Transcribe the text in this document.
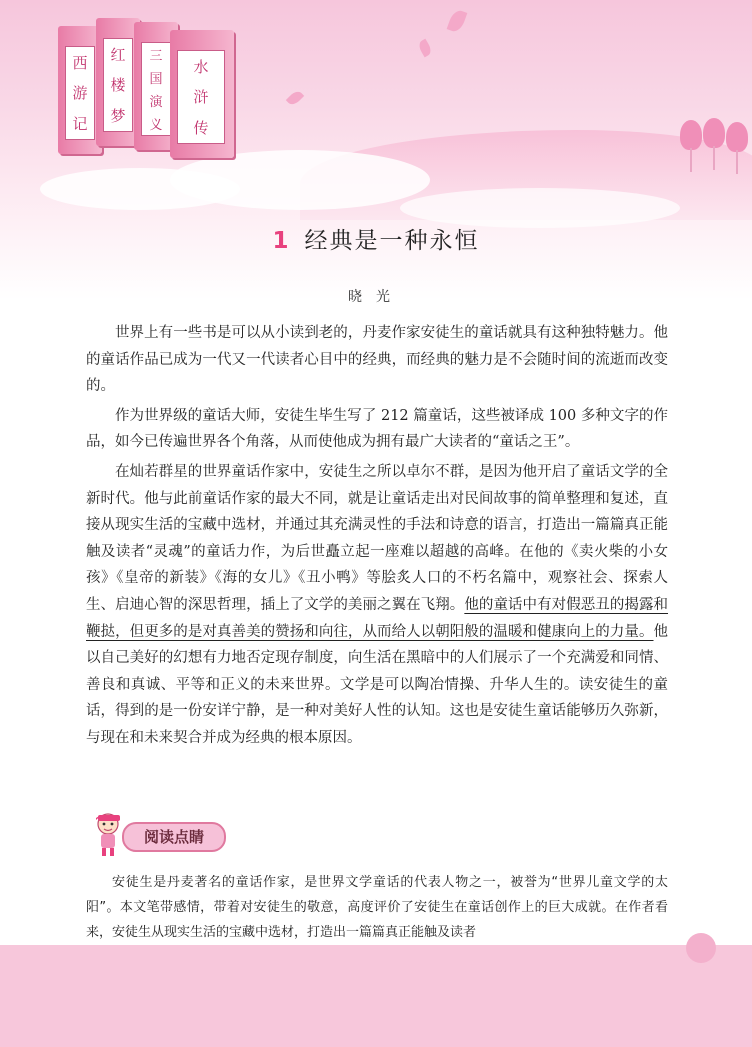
西
游
记
红
楼
梦
三
国
演
义
水
浒
传
1 经典是一种永恒
晓光

世界上有一些书是可以从小读到老的，丹麦作家安徒生的童话就具有这种独特魅力。他的童话作品已成为一代又一代读者心目中的经典，而经典的魅力是不会随时间的流逝而改变的。

作为世界级的童话大师，安徒生毕生写了 212 篇童话，这些被译成 100 多种文字的作品，如今已传遍世界各个角落，从而使他成为拥有最广大读者的“童话之王”。

在灿若群星的世界童话作家中，安徒生之所以卓尔不群，是因为他开启了童话文学的全新时代。他与此前童话作家的最大不同，就是让童话走出对民间故事的简单整理和复述，直接从现实生活的宝藏中选材，并通过其充满灵性的手法和诗意的语言，打造出一篇篇真正能触及读者“灵魂”的童话力作，为后世矗立起一座难以超越的高峰。在他的《卖火柴的小女孩》《皇帝的新装》《海的女儿》《丑小鸭》等脍炙人口的不朽名篇中，观察社会、探索人生、启迪心智的深思哲理，插上了文学的美丽之翼在飞翔。他的童话中有对假恶丑的揭露和鞭挞，但更多的是对真善美的赞扬和向往，从而给人以朝阳般的温暖和健康向上的力量。他以自己美好的幻想有力地否定现存制度，向生活在黑暗中的人们展示了一个充满爱和同情、善良和真诚、平等和正义的未来世界。文学是可以陶冶情操、升华人生的。读安徒生的童话，得到的是一份安详宁静，是一种对美好人性的认知。这也是安徒生童话能够历久弥新，与现在和未来契合并成为经典的根本原因。

阅读点睛

安徒生是丹麦著名的童话作家，是世界文学童话的代表人物之一，被誉为“世界儿童文学的太阳”。本文笔带感情，带着对安徒生的敬意，高度评价了安徒生在童话创作上的巨大成就。在作者看来，安徒生从现实生活的宝藏中选材，打造出一篇篇真正能触及读者
